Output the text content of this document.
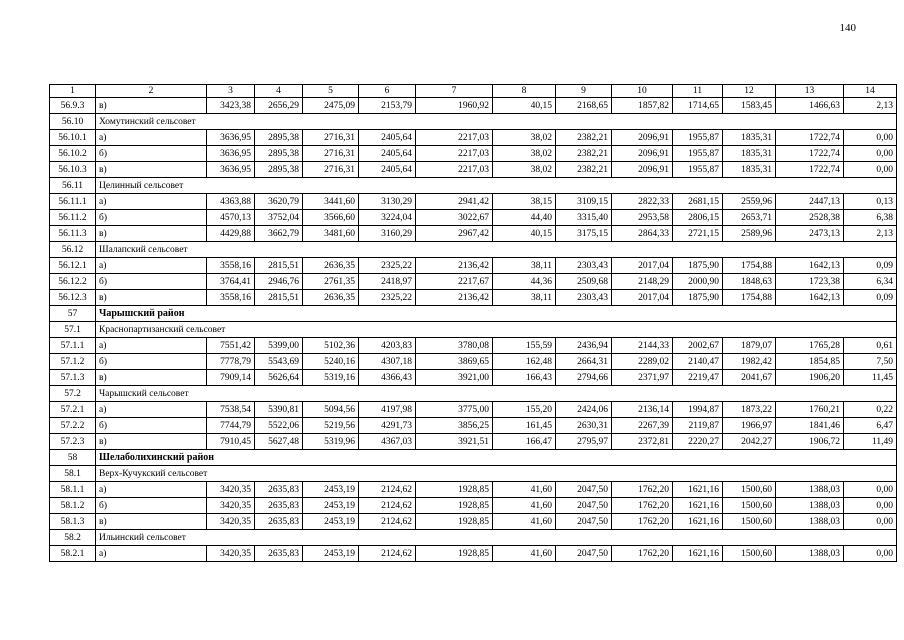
140
1	2	3	4	5	6	7	8	9	10	11	12	13	14
56.9.3	в)	3423,38	2656,29	2475,09	2153,79	1960,92	40,15	2168,65	1857,82	1714,65	1583,45	1466,63	2,13
56.10	Хомутинский сельсовет												
56.10.1	а)	3636,95	2895,38	2716,31	2405,64	2217,03	38,02	2382,21	2096,91	1955,87	1835,31	1722,74	0,00
56.10.2	б)	3636,95	2895,38	2716,31	2405,64	2217,03	38,02	2382,21	2096,91	1955,87	1835,31	1722,74	0,00
56.10.3	в)	3636,95	2895,38	2716,31	2405,64	2217,03	38,02	2382,21	2096,91	1955,87	1835,31	1722,74	0,00
56.11	Целинный сельсовет												
56.11.1	а)	4363,88	3620,79	3441,60	3130,29	2941,42	38,15	3109,15	2822,33	2681,15	2559,96	2447,13	0,13
56.11.2	б)	4570,13	3752,04	3566,60	3224,04	3022,67	44,40	3315,40	2953,58	2806,15	2653,71	2528,38	6,38
56.11.3	в)	4429,88	3662,79	3481,60	3160,29	2967,42	40,15	3175,15	2864,33	2721,15	2589,96	2473,13	2,13
56.12	Шалапский сельсовет												
56.12.1	а)	3558,16	2815,51	2636,35	2325,22	2136,42	38,11	2303,43	2017,04	1875,90	1754,88	1642,13	0,09
56.12.2	б)	3764,41	2946,76	2761,35	2418,97	2217,67	44,36	2509,68	2148,29	2000,90	1848,63	1723,38	6,34
56.12.3	в)	3558,16	2815,51	2636,35	2325,22	2136,42	38,11	2303,43	2017,04	1875,90	1754,88	1642,13	0,09
57	Чарышский район												
57.1	Краснопартизанский сельсовет												
57.1.1	а)	7551,42	5399,00	5102,36	4203,83	3780,08	155,59	2436,94	2144,33	2002,67	1879,07	1765,28	0,61
57.1.2	б)	7778,79	5543,69	5240,16	4307,18	3869,65	162,48	2664,31	2289,02	2140,47	1982,42	1854,85	7,50
57.1.3	в)	7909,14	5626,64	5319,16	4366,43	3921,00	166,43	2794,66	2371,97	2219,47	2041,67	1906,20	11,45
57.2	Чарышский сельсовет												
57.2.1	а)	7538,54	5390,81	5094,56	4197,98	3775,00	155,20	2424,06	2136,14	1994,87	1873,22	1760,21	0,22
57.2.2	б)	7744,79	5522,06	5219,56	4291,73	3856,25	161,45	2630,31	2267,39	2119,87	1966,97	1841,46	6,47
57.2.3	в)	7910,45	5627,48	5319,96	4367,03	3921,51	166,47	2795,97	2372,81	2220,27	2042,27	1906,72	11,49
58	Шелаболихинский район												
58.1	Верх-Кучукский сельсовет												
58.1.1	а)	3420,35	2635,83	2453,19	2124,62	1928,85	41,60	2047,50	1762,20	1621,16	1500,60	1388,03	0,00
58.1.2	б)	3420,35	2635,83	2453,19	2124,62	1928,85	41,60	2047,50	1762,20	1621,16	1500,60	1388,03	0,00
58.1.3	в)	3420,35	2635,83	2453,19	2124,62	1928,85	41,60	2047,50	1762,20	1621,16	1500,60	1388,03	0,00
58.2	Ильинский сельсовет												
58.2.1	а)	3420,35	2635,83	2453,19	2124,62	1928,85	41,60	2047,50	1762,20	1621,16	1500,60	1388,03	0,00
